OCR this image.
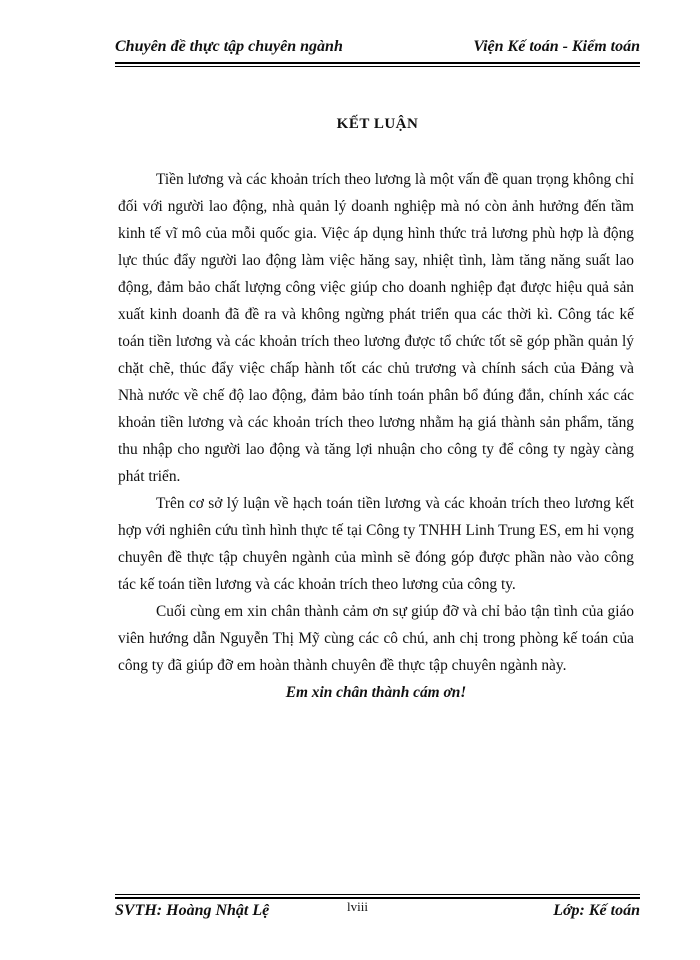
Chuyên đề thực tập chuyên ngành	Viện Kế toán - Kiểm toán
KẾT LUẬN

Tiền lương và các khoản trích theo lương là một vấn đề quan trọng không chỉ đối với người lao động, nhà quản lý doanh nghiệp mà nó còn ảnh hưởng đến tầm kinh tế vĩ mô của mỗi quốc gia. Việc áp dụng hình thức trả lương phù hợp là động lực thúc đẩy người lao động làm việc hăng say, nhiệt tình, làm tăng năng suất lao động, đảm bảo chất lượng công việc giúp cho doanh nghiệp đạt được hiệu quả sản xuất kinh doanh đã đề ra và không ngừng phát triển qua các thời kì. Công tác kế toán tiền lương và các khoản trích theo lương được tổ chức tốt sẽ góp phần quản lý chặt chẽ, thúc đẩy việc chấp hành tốt các chủ trương và chính sách của Đảng và Nhà nước về chế độ lao động, đảm bảo tính toán phân bổ đúng đắn, chính xác các khoản tiền lương và các khoản trích theo lương nhằm hạ giá thành sản phẩm, tăng thu nhập cho người lao động và tăng lợi nhuận cho công ty để công ty ngày càng phát triển.

Trên cơ sở lý luận về hạch toán tiền lương và các khoản trích theo lương kết hợp với nghiên cứu tình hình thực tế tại Công ty TNHH Linh Trung ES, em hi vọng chuyên đề thực tập chuyên ngành của mình sẽ đóng góp được phần nào vào công tác kế toán tiền lương và các khoản trích theo lương của công ty.

Cuối cùng em xin chân thành cảm ơn sự giúp đỡ và chỉ bảo tận tình của giáo viên hướng dẫn Nguyễn Thị Mỹ cùng các cô chú, anh chị trong phòng kế toán của công ty đã giúp đỡ em hoàn thành chuyên đề thực tập chuyên ngành này.

Em xin chân thành cám ơn!
SVTH: Hoàng Nhật Lệ	lviii	Lớp: Kế toán
